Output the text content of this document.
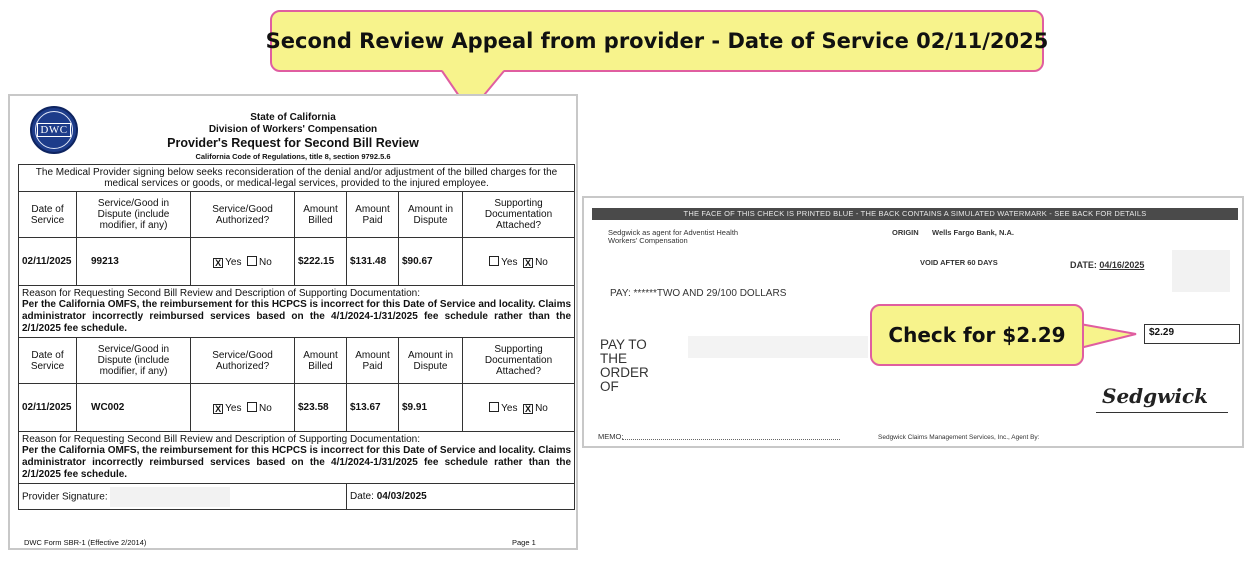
Second Review Appeal from provider - Date of Service 02/11/2025
DWC
State of California
Division of Workers' Compensation
Provider's Request for Second Bill Review
California Code of Regulations, title 8, section 9792.5.6
The Medical Provider signing below seeks reconsideration of the denial and/or adjustment of the billed charges for the medical services or goods, or medical-legal services, provided to the injured employee.						
Date of Service	Service/Good in Dispute (include modifier, if any)	Service/Good Authorized?	Amount Billed	Amount Paid	Amount in Dispute	Supporting Documentation Attached?
02/11/2025	99213	X Yes No	$222.15	$131.48	$90.67	Yes X No

Reason for Requesting Second Bill Review and Description of Supporting Documentation:
Per the California OMFS, the reimbursement for this HCPCS is incorrect for this Date of Service and locality. Claims administrator incorrectly reimbursed services based on the 4/1/2024-1/31/2025 fee schedule rather than the 2/1/2025 fee schedule.						

Date of Service	Service/Good in Dispute (include modifier, if any)	Service/Good Authorized?	Amount Billed	Amount Paid	Amount in Dispute	Supporting Documentation Attached?
02/11/2025	WC002	X Yes No	$23.58	$13.67	$9.91	Yes X No

Reason for Requesting Second Bill Review and Description of Supporting Documentation:
Per the California OMFS, the reimbursement for this HCPCS is incorrect for this Date of Service and locality. Claims administrator incorrectly reimbursed services based on the 4/1/2024-1/31/2025 fee schedule rather than the 2/1/2025 fee schedule.						

Provider Signature:				Date: 04/03/2025		
DWC Form SBR-1 (Effective 2/2014)	Page 1
THE FACE OF THIS CHECK IS PRINTED BLUE - THE BACK CONTAINS A SIMULATED WATERMARK - SEE BACK FOR DETAILS
Sedgwick as agent for Adventist Health
Workers' Compensation
ORIGIN Wells Fargo Bank, N.A.
VOID AFTER 60 DAYS	DATE: 04/16/2025
PAY: ******TWO AND 29/100 DOLLARS
PAY TO
THE
ORDER
OF
$2.29
Sedgwick
MEMO:	Sedgwick Claims Management Services, Inc., Agent By:
Check for $2.29
